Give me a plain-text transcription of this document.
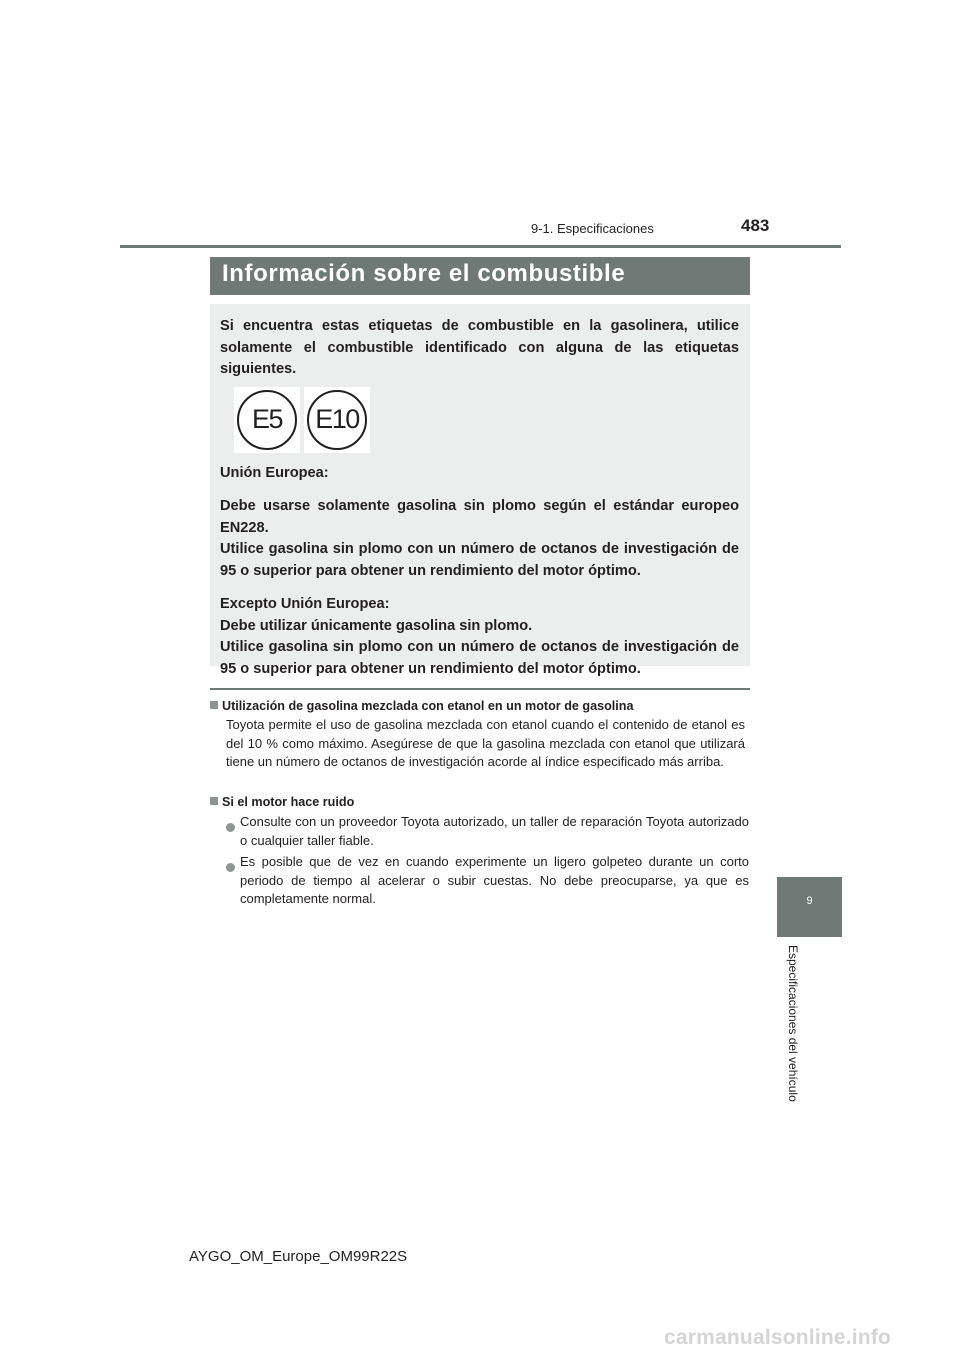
9-1. Especificaciones	483
Información sobre el combustible

Si encuentra estas etiquetas de combustible en la gasolinera, utilice solamente el combustible identificado con alguna de las etiquetas siguientes.

E5	E10

Unión Europea:

Debe usarse solamente gasolina sin plomo según el estándar europeo EN228.

Utilice gasolina sin plomo con un número de octanos de investigación de 95 o superior para obtener un rendimiento del motor óptimo.

Excepto Unión Europea:

Debe utilizar únicamente gasolina sin plomo.

Utilice gasolina sin plomo con un número de octanos de investigación de 95 o superior para obtener un rendimiento del motor óptimo.

Utilización de gasolina mezclada con etanol en un motor de gasolina
Toyota permite el uso de gasolina mezclada con etanol cuando el contenido de etanol es del 10 % como máximo. Asegúrese de que la gasolina mezclada con etanol que utilizará tiene un número de octanos de investigación acorde al índice especificado más arriba.
Si el motor hace ruido
Consulte con un proveedor Toyota autorizado, un taller de reparación Toyota autorizado o cualquier taller fiable.
Es posible que de vez en cuando experimente un ligero golpeteo durante un corto periodo de tiempo al acelerar o subir cuestas. No debe preocuparse, ya que es completamente normal.	9
Especificaciones del vehículo
AYGO_OM_Europe_OM99R22S
carmanualsonline.info
